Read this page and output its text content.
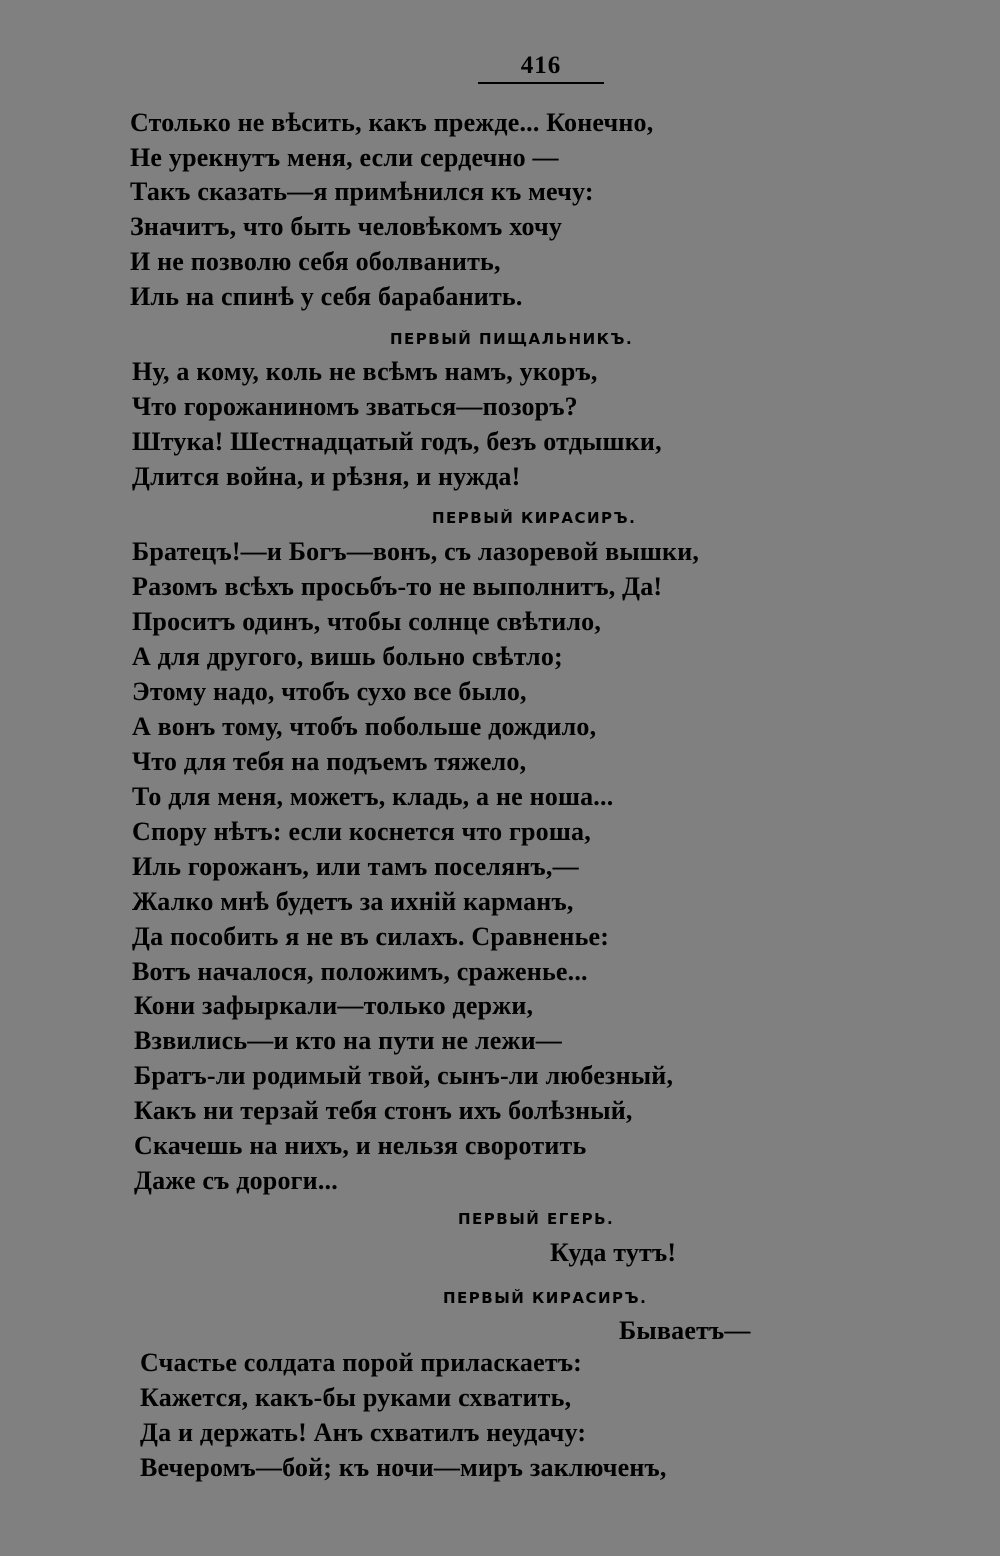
416
Столько не вѣсить, какъ прежде... Конечно,
Не урекнутъ меня, если сердечно —
Такъ сказать—я примѣнился къ мечу:
Значитъ, что быть человѣкомъ хочу
И не позволю себя оболванить,
Иль на спинѣ у себя барабанить.
ПЕРВЫЙ ПИЩАЛЬНИКЪ.
Ну, а кому, коль не всѣмъ намъ, укоръ,
Что горожаниномъ зваться—позоръ?
Штука! Шестнадцатый годъ, безъ отдышки,
Длится война, и рѣзня, и нужда!
ПЕРВЫЙ КИРАСИРЪ.
Братецъ!—и Богъ—вонъ, съ лазоревой вышки,
Разомъ всѣхъ просьбъ-то не выполнитъ, Да!
Проситъ одинъ, чтобы солнце свѣтило,
А для другого, вишь больно свѣтло;
Этому надо, чтобъ сухо все было,
А вонъ тому, чтобъ побольше дождило,
Что для тебя на подъемъ тяжело,
То для меня, можетъ, кладь, а не ноша...
Спору нѣтъ: если коснется что гроша,
Иль горожанъ, или тамъ поселянъ,—
Жалко мнѣ будетъ за ихнiй карманъ,
Да пособить я не въ силахъ. Сравненье:
Вотъ началося, положимъ, сраженье...
Кони зафыркали—только держи,
Взвились—и кто на пути не лежи—
Братъ-ли родимый твой, сынъ-ли любезный,
Какъ ни терзай тебя стонъ ихъ болѣзный,
Скачешь на нихъ, и нельзя своротить
Даже съ дороги...
ПЕРВЫЙ ЕГЕРЬ.
Куда тутъ!
ПЕРВЫЙ КИРАСИРЪ.
Бываетъ—
Счастье солдата порой приласкаетъ:
Кажется, какъ-бы руками схватить,
Да и держать! Анъ схватилъ неудачу:
Вечеромъ—бой; къ ночи—миръ заключенъ,
